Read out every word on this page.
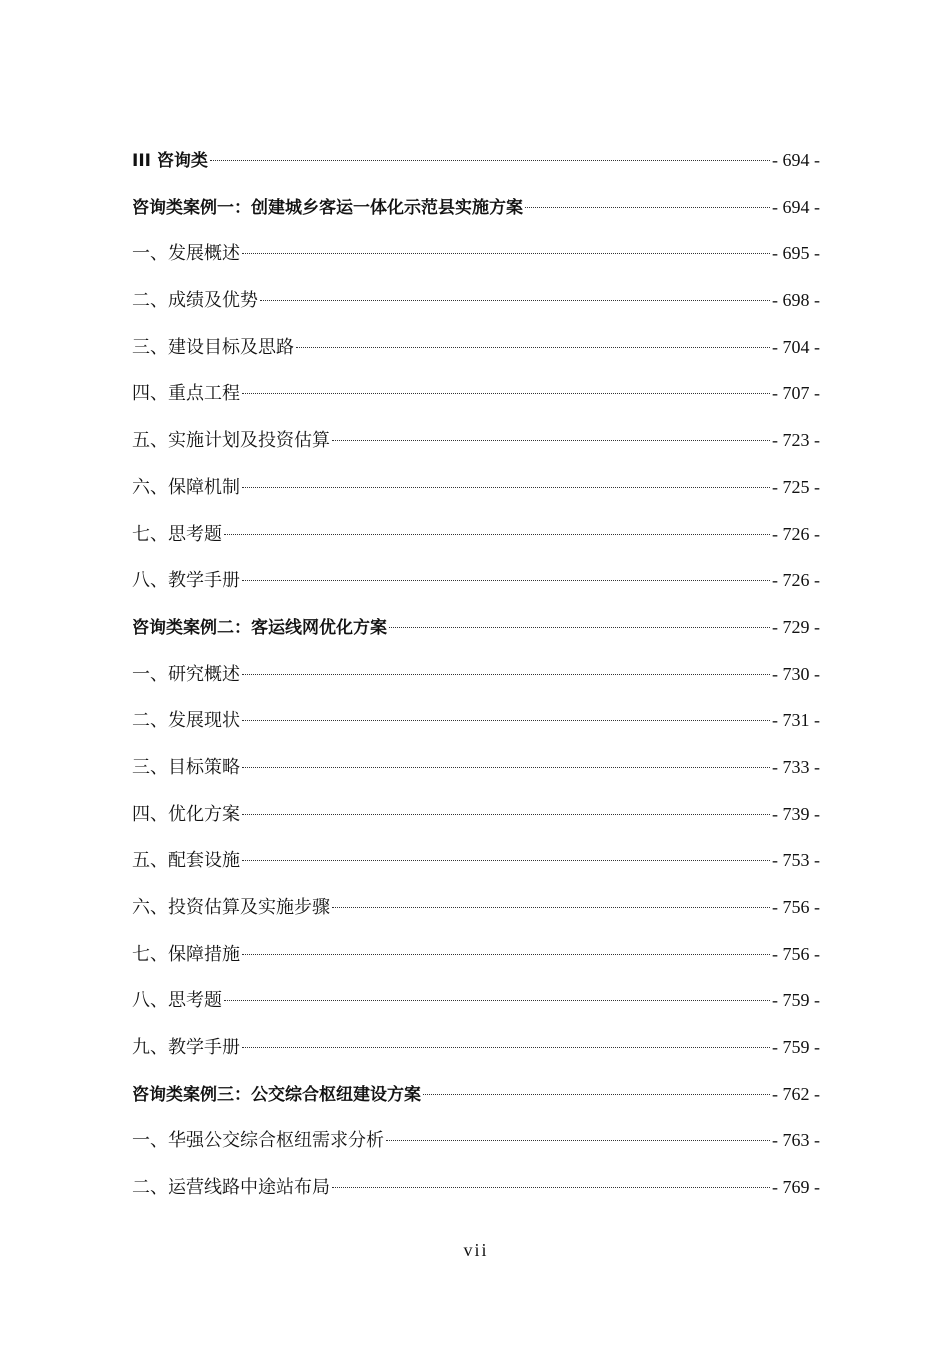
III 咨询类	- 694 -
咨询类案例一：创建城乡客运一体化示范县实施方案	- 694 -
一、发展概述	- 695 -
二、成绩及优势	- 698 -
三、建设目标及思路	- 704 -
四、重点工程	- 707 -
五、实施计划及投资估算	- 723 -
六、保障机制	- 725 -
七、思考题	- 726 -
八、教学手册	- 726 -
咨询类案例二：客运线网优化方案	- 729 -
一、研究概述	- 730 -
二、发展现状	- 731 -
三、目标策略	- 733 -
四、优化方案	- 739 -
五、配套设施	- 753 -
六、投资估算及实施步骤	- 756 -
七、保障措施	- 756 -
八、思考题	- 759 -
九、教学手册	- 759 -
咨询类案例三：公交综合枢纽建设方案	- 762 -
一、华强公交综合枢纽需求分析	- 763 -
二、运营线路中途站布局	- 769 -
vii
